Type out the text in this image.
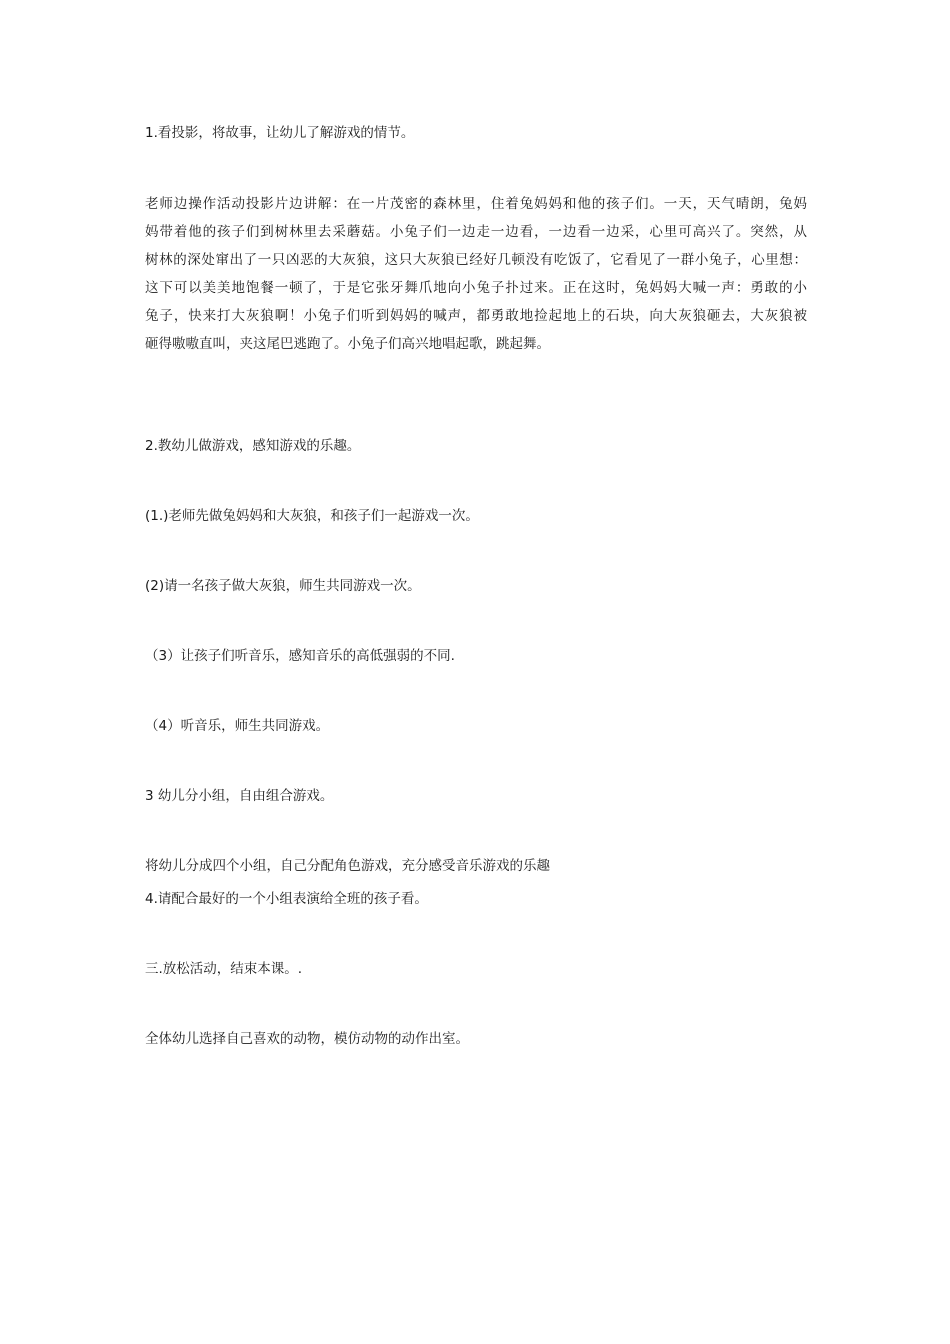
1.看投影，将故事，让幼儿了解游戏的情节。

老师边操作活动投影片边讲解：在一片茂密的森林里，住着兔妈妈和他的孩子们。一天，天气晴朗，兔妈
妈带着他的孩子们到树林里去采蘑菇。小兔子们一边走一边看，一边看一边采，心里可高兴了。突然，从
树林的深处窜出了一只凶恶的大灰狼，这只大灰狼已经好几顿没有吃饭了，它看见了一群小兔子，心里想：
这下可以美美地饱餐一顿了，于是它张牙舞爪地向小兔子扑过来。正在这时，兔妈妈大喊一声：勇敢的小
兔子，快来打大灰狼啊！小兔子们听到妈妈的喊声，都勇敢地捡起地上的石块，向大灰狼砸去，大灰狼被
砸得嗷嗷直叫，夹这尾巴逃跑了。小兔子们高兴地唱起歌，跳起舞。

2.教幼儿做游戏，感知游戏的乐趣。

(1.)老师先做兔妈妈和大灰狼，和孩子们一起游戏一次。

(2)请一名孩子做大灰狼，师生共同游戏一次。

（3）让孩子们听音乐，感知音乐的高低强弱的不同.

（4）听音乐，师生共同游戏。

3 幼儿分小组，自由组合游戏。

将幼儿分成四个小组，自己分配角色游戏，充分感受音乐游戏的乐趣

4.请配合最好的一个小组表演给全班的孩子看。

三.放松活动，结束本课。.

全体幼儿选择自己喜欢的动物，模仿动物的动作出室。
